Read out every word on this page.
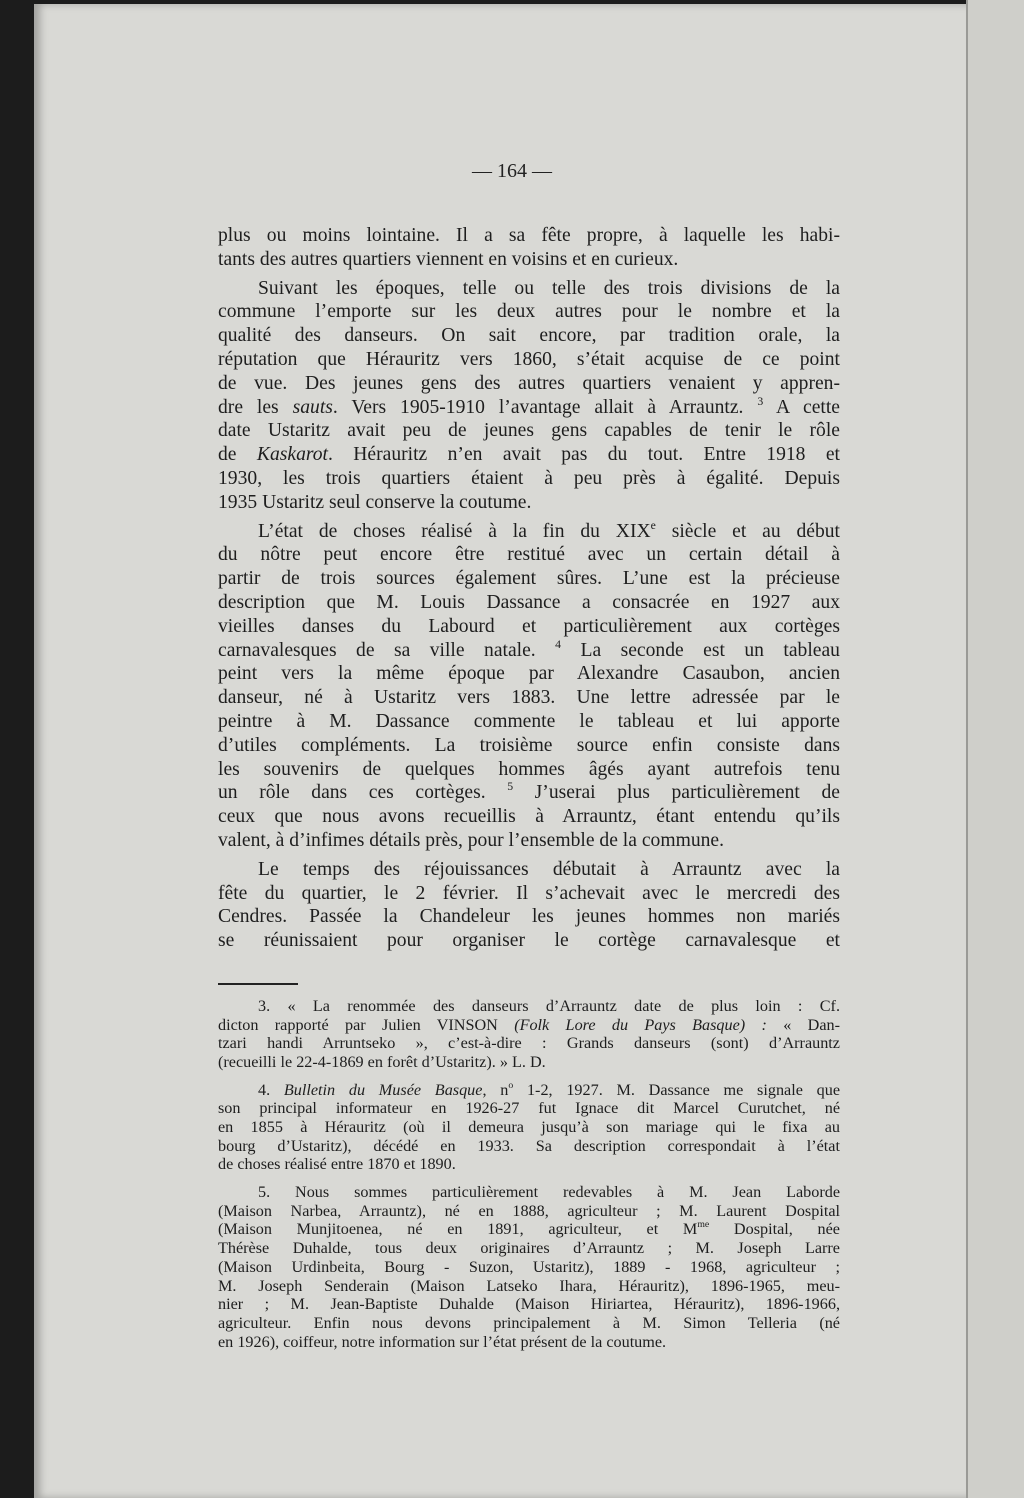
— 164 —
plus ou moins lointaine. Il a sa fête propre, à laquelle les habi-
tants des autres quartiers viennent en voisins et en curieux.
Suivant les époques, telle ou telle des trois divisions de la
commune l’emporte sur les deux autres pour le nombre et la
qualité des danseurs. On sait encore, par tradition orale, la
réputation que Hérauritz vers 1860, s’était acquise de ce point
de vue. Des jeunes gens des autres quartiers venaient y appren-
dre les sauts. Vers 1905-1910 l’avantage allait à Arrauntz. $^3$ A cette
date Ustaritz avait peu de jeunes gens capables de tenir le rôle
de Kaskarot. Hérauritz n’en avait pas du tout. Entre 1918 et
1930, les trois quartiers étaient à peu près à égalité. Depuis
1935 Ustaritz seul conserve la coutume.
L’état de choses réalisé à la fin du XIXe siècle et au début
du nôtre peut encore être restitué avec un certain détail à
partir de trois sources également sûres. L’une est la précieuse
description que M. Louis Dassance a consacrée en 1927 aux
vieilles danses du Labourd et particulièrement aux cortèges
carnavalesques de sa ville natale. $^4$ La seconde est un tableau
peint vers la même époque par Alexandre Casaubon, ancien
danseur, né à Ustaritz vers 1883. Une lettre adressée par le
peintre à M. Dassance commente le tableau et lui apporte
d’utiles compléments. La troisième source enfin consiste dans
les souvenirs de quelques hommes âgés ayant autrefois tenu
un rôle dans ces cortèges. $^5$ J’userai plus particulièrement de
ceux que nous avons recueillis à Arrauntz, étant entendu qu’ils
valent, à d’infimes détails près, pour l’ensemble de la commune.
Le temps des réjouissances débutait à Arrauntz avec la
fête du quartier, le 2 février. Il s’achevait avec le mercredi des
Cendres. Passée la Chandeleur les jeunes hommes non mariés
se réunissaient pour organiser le cortège carnavalesque et
3. « La renommée des danseurs d’Arrauntz date de plus loin : Cf.
dicton rapporté par Julien VINSON (Folk Lore du Pays Basque) : « Dan-
tzari handi Arruntseko », c’est-à-dire : Grands danseurs (sont) d’Arrauntz
(recueilli le 22-4-1869 en forêt d’Ustaritz). » L. D.
4. Bulletin du Musée Basque, $n^o$ 1-2, 1927. M. Dassance me signale que
son principal informateur en 1926-27 fut Ignace dit Marcel Curutchet, né
en 1855 à Hérauritz (où il demeura jusqu’à son mariage qui le fixa au
bourg d’Ustaritz), décédé en 1933. Sa description correspondait à l’état
de choses réalisé entre 1870 et 1890.
5. Nous sommes particulièrement redevables à M. Jean Laborde
(Maison Narbea, Arrauntz), né en 1888, agriculteur ; M. Laurent Dospital
(Maison Munjitoenea, né en 1891, agriculteur, et $M^{me}$ Dospital, née
Thérèse Duhalde, tous deux originaires d’Arrauntz ; M. Joseph Larre
(Maison Urdinbeita, Bourg - Suzon, Ustaritz), 1889 - 1968, agriculteur ;
M. Joseph Senderain (Maison Latseko Ihara, Hérauritz), 1896-1965, meu-
nier ; M. Jean-Baptiste Duhalde (Maison Hiriartea, Hérauritz), 1896-1966,
agriculteur. Enfin nous devons principalement à M. Simon Telleria (né
en 1926), coiffeur, notre information sur l’état présent de la coutume.
